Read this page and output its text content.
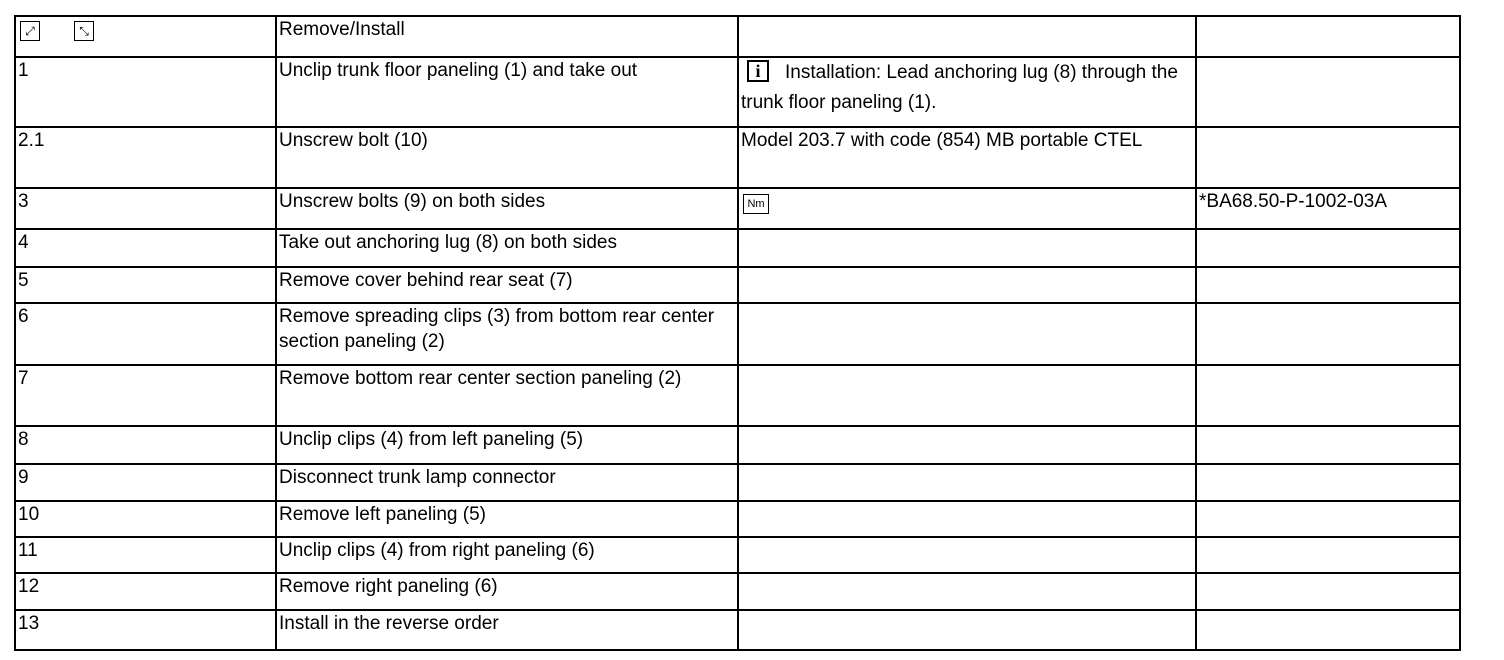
⤢ ⤡	Remove/Install		
1	Unclip trunk floor paneling (1) and take out	i Installation: Lead anchoring lug (8) through the trunk floor paneling (1).	
2.1	Unscrew bolt (10)	Model 203.7 with code (854) MB portable CTEL	
3	Unscrew bolts (9) on both sides	Nm	*BA68.50-P-1002-03A
4	Take out anchoring lug (8) on both sides		
5	Remove cover behind rear seat (7)		
6	Remove spreading clips (3) from bottom rear center section paneling (2)		
7	Remove bottom rear center section paneling (2)		
8	Unclip clips (4) from left paneling (5)		
9	Disconnect trunk lamp connector		
10	Remove left paneling (5)		
11	Unclip clips (4) from right paneling (6)		
12	Remove right paneling (6)		
13	Install in the reverse order		
